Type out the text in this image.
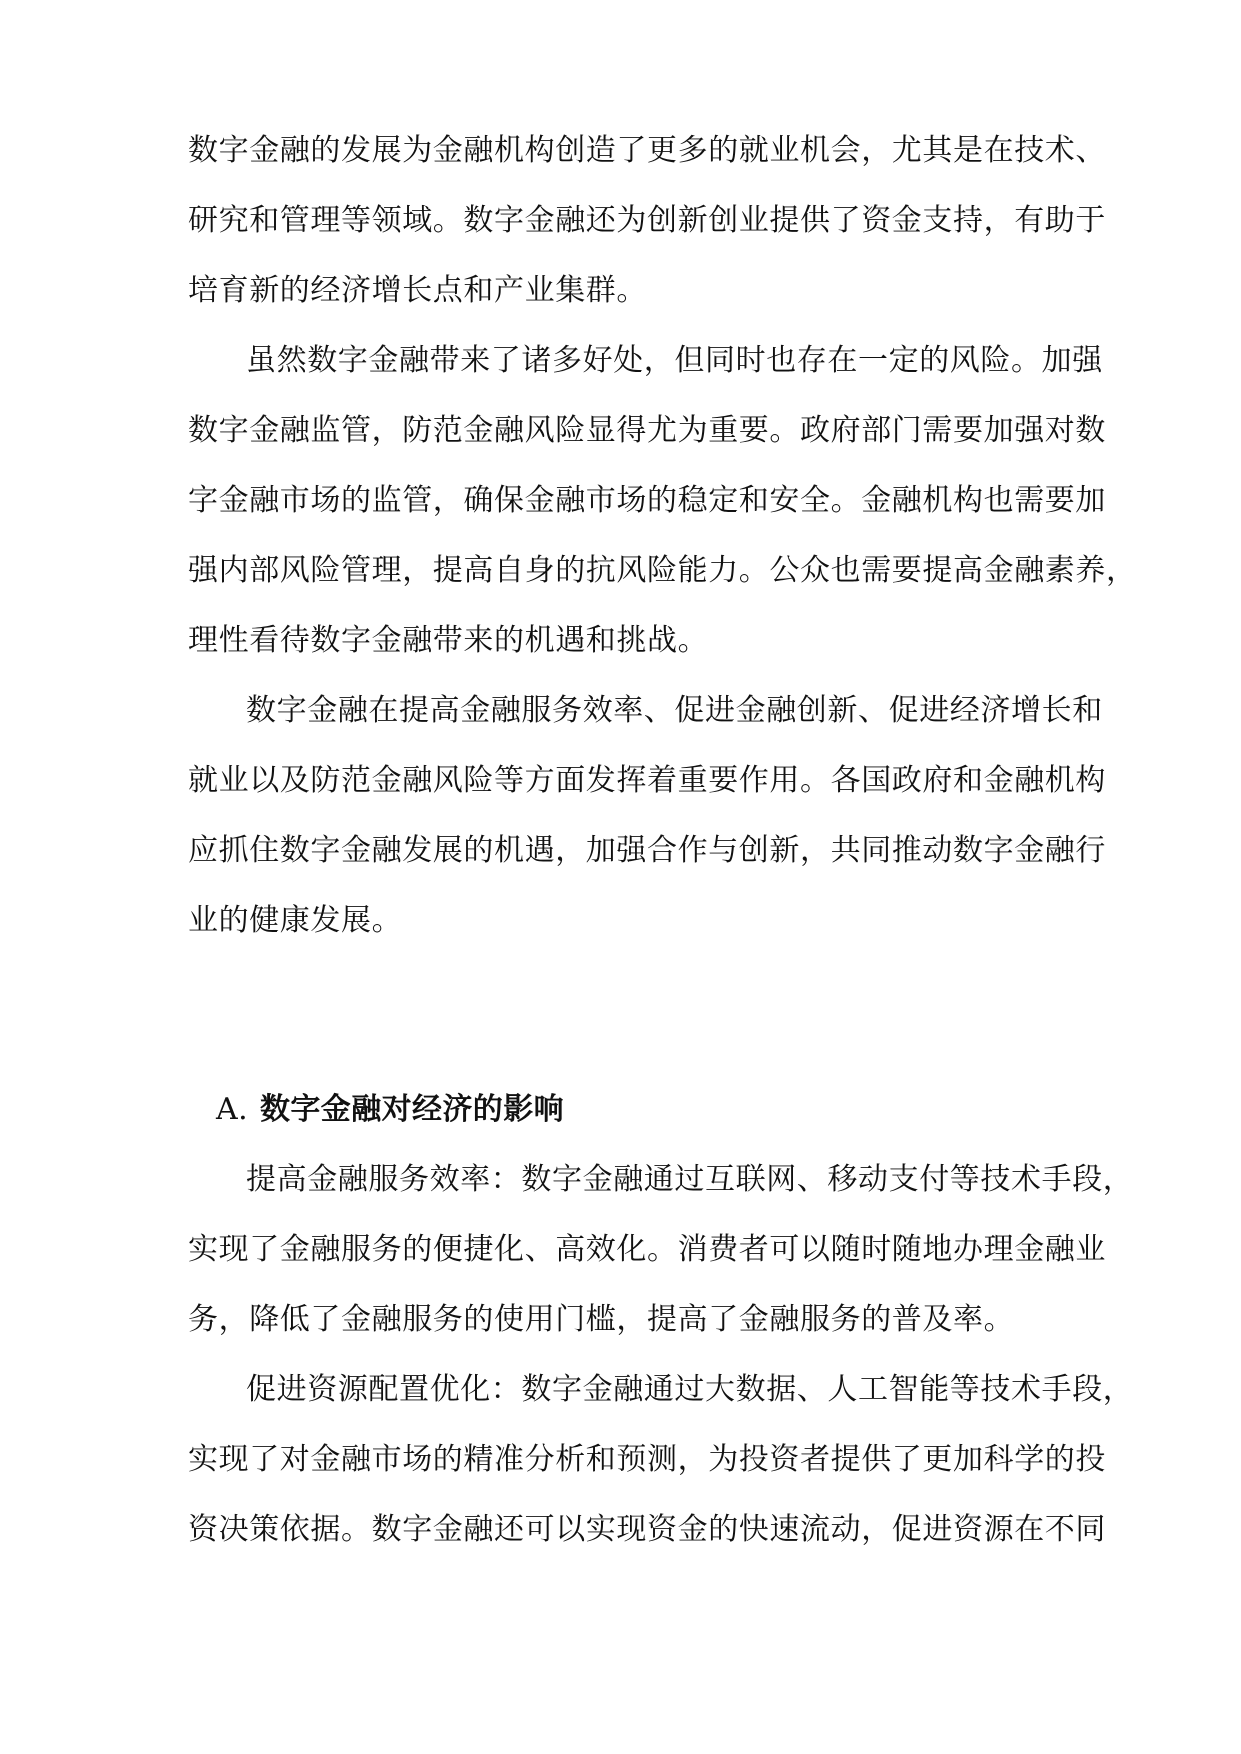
数字金融的发展为金融机构创造了更多的就业机会，尤其是在技术、
研究和管理等领域。数字金融还为创新创业提供了资金支持，有助于
培育新的经济增长点和产业集群。
虽然数字金融带来了诸多好处，但同时也存在一定的风险。加强
数字金融监管，防范金融风险显得尤为重要。政府部门需要加强对数
字金融市场的监管，确保金融市场的稳定和安全。金融机构也需要加
强内部风险管理，提高自身的抗风险能力。公众也需要提高金融素养，
理性看待数字金融带来的机遇和挑战。
数字金融在提高金融服务效率、促进金融创新、促进经济增长和
就业以及防范金融风险等方面发挥着重要作用。各国政府和金融机构
应抓住数字金融发展的机遇，加强合作与创新，共同推动数字金融行
业的健康发展。
A. 数字金融对经济的影响
提高金融服务效率：数字金融通过互联网、移动支付等技术手段，
实现了金融服务的便捷化、高效化。消费者可以随时随地办理金融业
务，降低了金融服务的使用门槛，提高了金融服务的普及率。
促进资源配置优化：数字金融通过大数据、人工智能等技术手段，
实现了对金融市场的精准分析和预测，为投资者提供了更加科学的投
资决策依据。数字金融还可以实现资金的快速流动，促进资源在不同
